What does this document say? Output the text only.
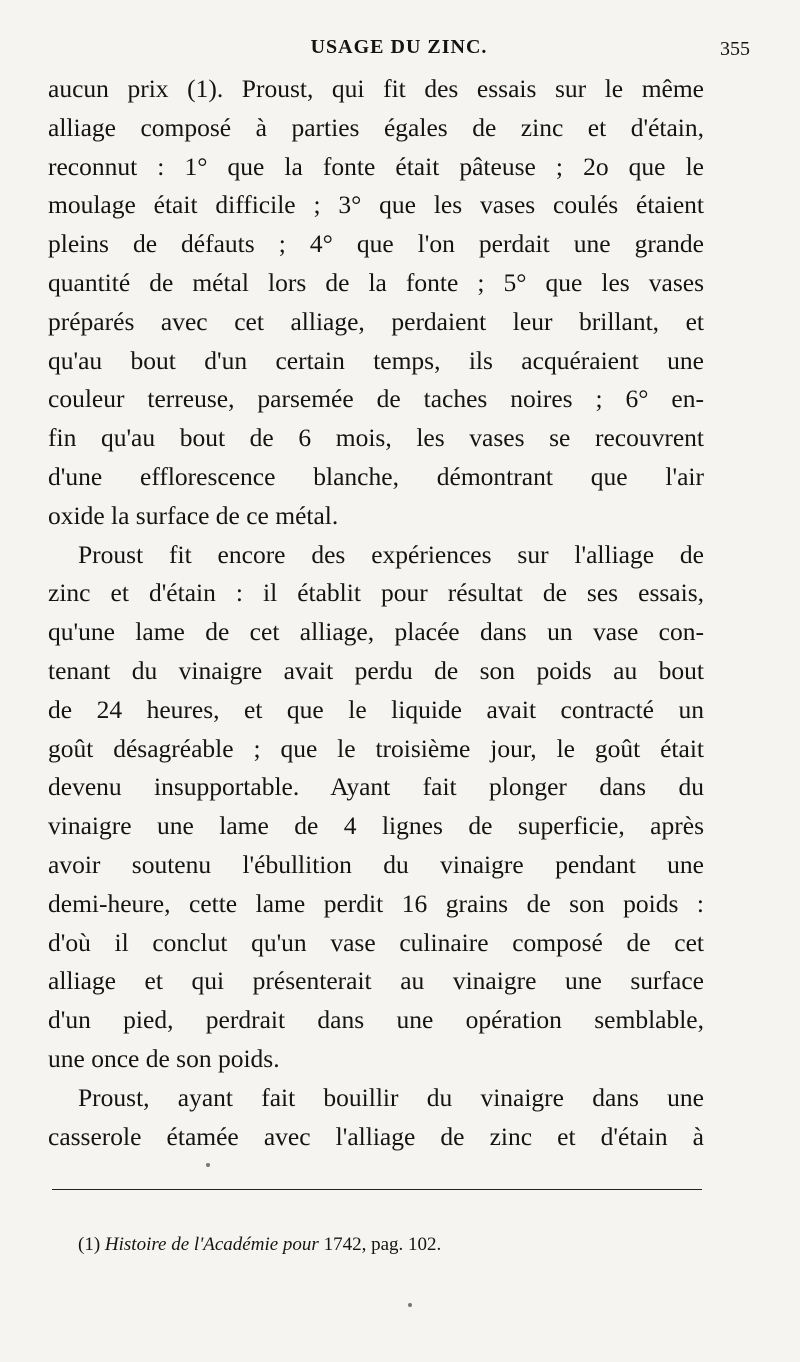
USAGE DU ZINC.	355
aucun prix (1). Proust, qui fit des essais sur le même
alliage composé à parties égales de zinc et d'étain,
reconnut : 1° que la fonte était pâteuse ; 2o que le
moulage était difficile ; 3° que les vases coulés étaient
pleins de défauts ; 4° que l'on perdait une grande
quantité de métal lors de la fonte ; 5° que les vases
préparés avec cet alliage, perdaient leur brillant, et
qu'au bout d'un certain temps, ils acquéraient une
couleur terreuse, parsemée de taches noires ; 6° en-
fin qu'au bout de 6 mois, les vases se recouvrent
d'une efflorescence blanche, démontrant que l'air
oxide la surface de ce métal.
Proust fit encore des expériences sur l'alliage de
zinc et d'étain : il établit pour résultat de ses essais,
qu'une lame de cet alliage, placée dans un vase con-
tenant du vinaigre avait perdu de son poids au bout
de 24 heures, et que le liquide avait contracté un
goût désagréable ; que le troisième jour, le goût était
devenu insupportable. Ayant fait plonger dans du
vinaigre une lame de 4 lignes de superficie, après
avoir soutenu l'ébullition du vinaigre pendant une
demi-heure, cette lame perdit 16 grains de son poids :
d'où il conclut qu'un vase culinaire composé de cet
alliage et qui présenterait au vinaigre une surface
d'un pied, perdrait dans une opération semblable,
une once de son poids.
Proust, ayant fait bouillir du vinaigre dans une
casserole étamée avec l'alliage de zinc et d'étain à
(1) Histoire de l'Académie pour 1742, pag. 102.
